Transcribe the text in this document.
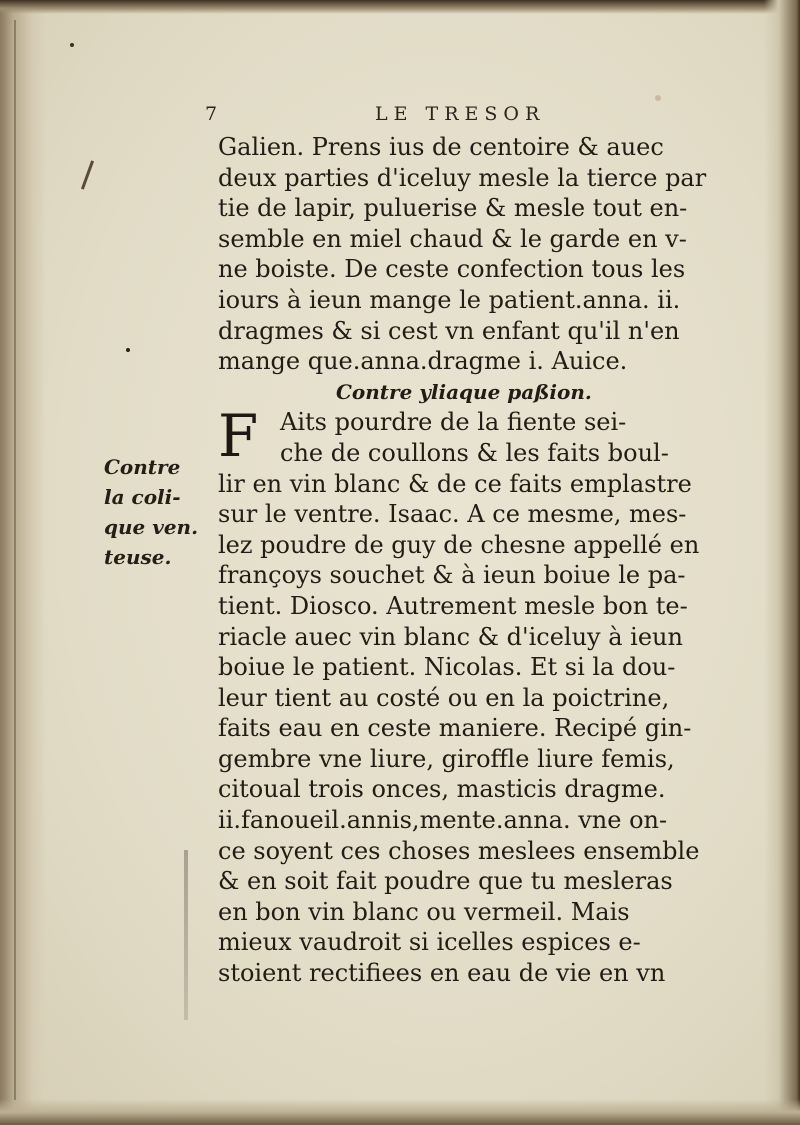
7	LE TRESOR
Galien. Prens ius de centoire & auec
deux parties d'iceluy mesle la tierce par
tie de lapir, puluerise & mesle tout en-
semble en miel chaud & le garde en v-
ne boiste. De ceste confection tous les
iours à ieun mange le patient.anna. ii.
dragmes & si cest vn enfant qu'il n'en
mange que.anna.dragme i. Auice.
Contre yliaque paßion.
Aits pourdre de la fiente sei-
che de coullons & les faits boul-
lir en vin blanc & de ce faits emplastre
sur le ventre. Isaac. A ce mesme, mes-
lez poudre de guy de chesne appellé en
françoys souchet & à ieun boiue le pa-
tient. Diosco. Autrement mesle bon te-
riacle auec vin blanc & d'iceluy à ieun
boiue le patient. Nicolas. Et si la dou-
leur tient au costé ou en la poictrine,
faits eau en ceste maniere. Recipé gin-
gembre vne liure, giroffle liure femis,
citoual trois onces, masticis dragme.
ii.fanoueil.annis,mente.anna. vne on-
ce soyent ces choses meslees ensemble
& en soit fait poudre que tu mesleras
en bon vin blanc ou vermeil. Mais
mieux vaudroit si icelles espices e-
stoient rectifiees en eau de vie en vn
F
Contre
la coli-
que ven.
teuse.
